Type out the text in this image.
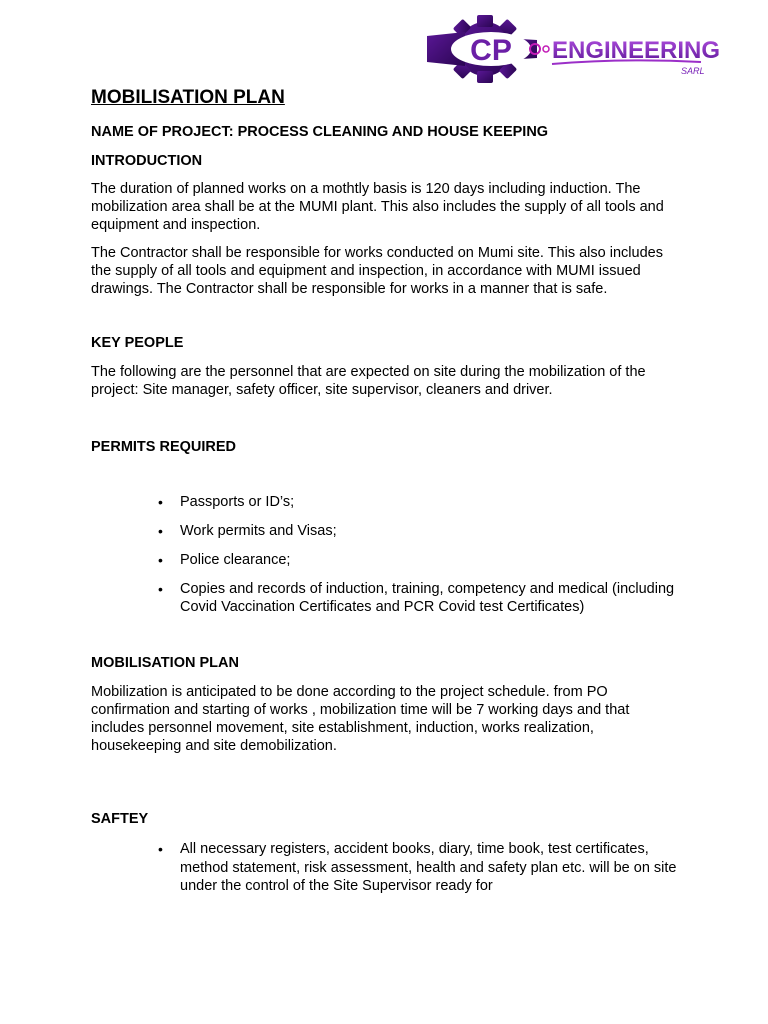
CP ENGINEERING
SARL
MOBILISATION PLAN
NAME OF PROJECT: PROCESS CLEANING AND HOUSE KEEPING
INTRODUCTION

The duration of planned works on a mothtly basis is 120 days including induction. The mobilization area shall be at the MUMI plant. This also includes the supply of all tools and equipment and inspection.

The Contractor shall be responsible for works conducted on Mumi site. This also includes the supply of all tools and equipment and inspection, in accordance with MUMI issued drawings. The Contractor shall be responsible for works in a manner that is safe.

KEY PEOPLE

The following are the personnel that are expected on site during the mobilization of the project: Site manager, safety officer, site supervisor, cleaners and driver.

PERMITS REQUIRED
• Passports or ID’s;
• Work permits and Visas;
• Police clearance;
• Copies and records of induction, training, competency and medical (including Covid Vaccination Certificates and PCR Covid test Certificates)
MOBILISATION PLAN

Mobilization is anticipated to be done according to the project schedule. from PO confirmation and starting of works , mobilization time will be 7 working days and that includes personnel movement, site establishment, induction, works realization, housekeeping and site demobilization.

SAFTEY
• All necessary registers, accident books, diary, time book, test certificates, method statement, risk assessment, health and safety plan etc. will be on site under the control of the Site Supervisor ready for
